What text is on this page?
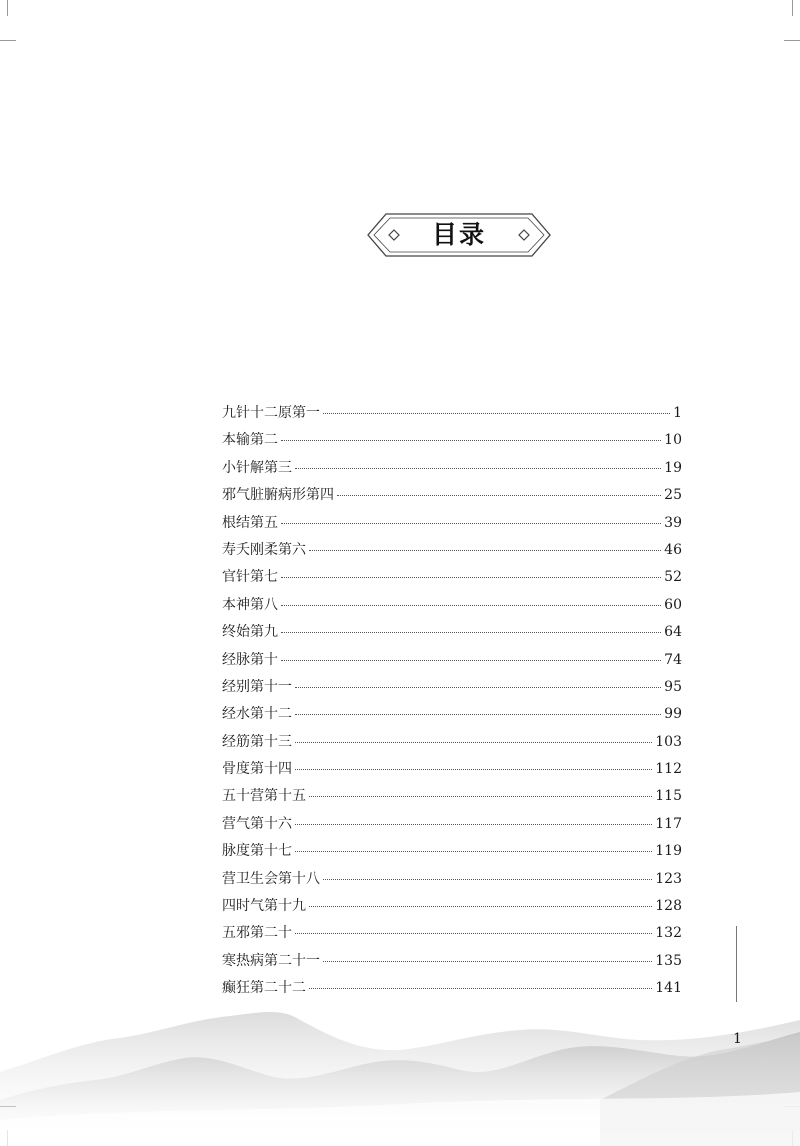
目录
九针十二原第一	1
本输第二	10
小针解第三	19
邪气脏腑病形第四	25
根结第五	39
寿夭刚柔第六	46
官针第七	52
本神第八	60
终始第九	64
经脉第十	74
经别第十一	95
经水第十二	99
经筋第十三	103
骨度第十四	112
五十营第十五	115
营气第十六	117
脉度第十七	119
营卫生会第十八	123
四时气第十九	128
五邪第二十	132
寒热病第二十一	135
癫狂第二十二	141
1
